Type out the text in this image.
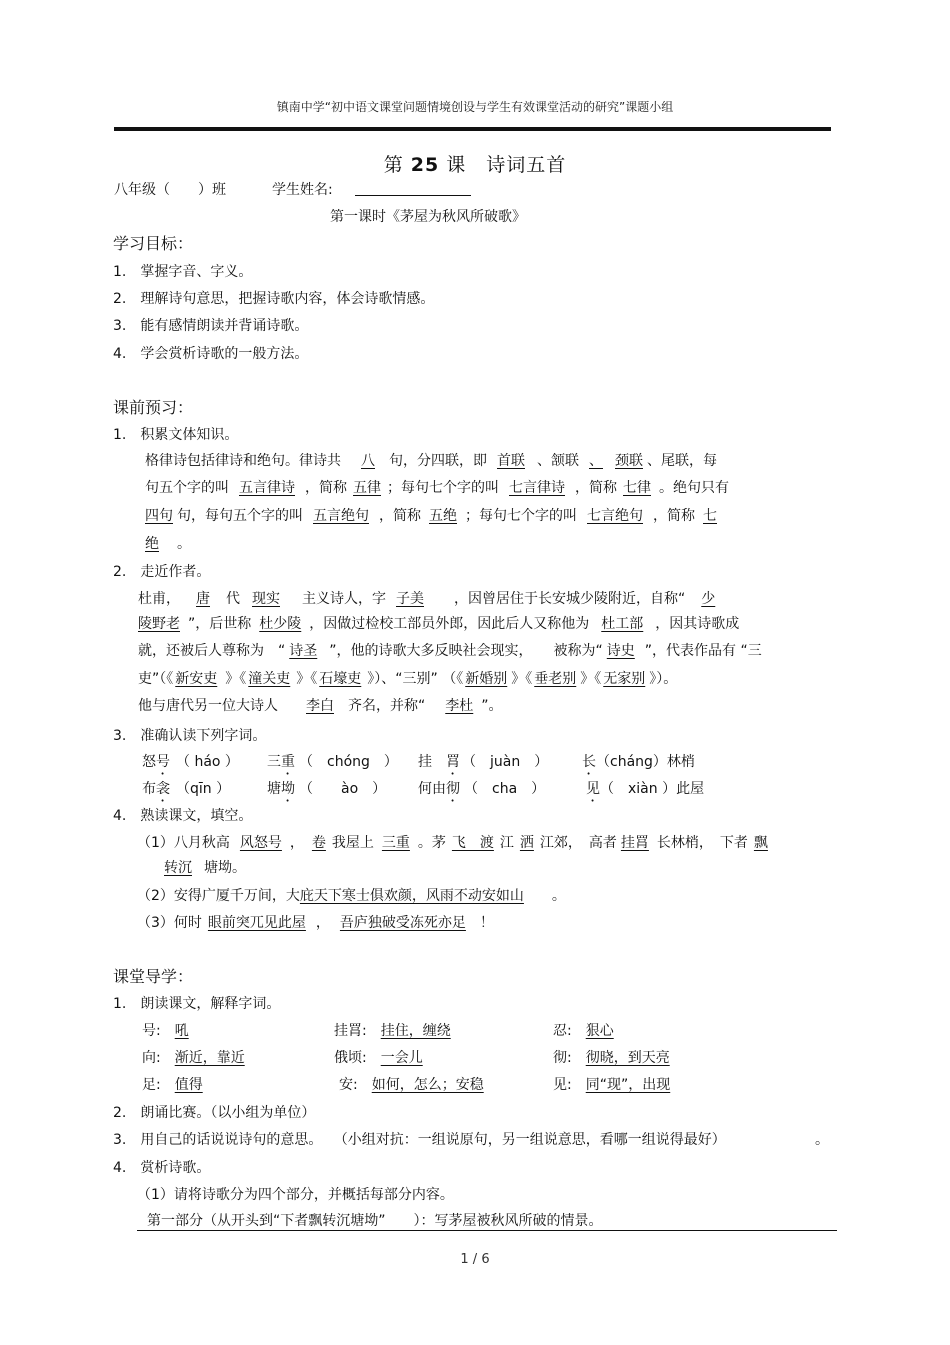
镇南中学“初中语文课堂问题情境创设与学生有效课堂活动的研究”课题小组
第 25 课　诗词五首
八年级（　　）班	学生姓名:
第一课时《茅屋为秋风所破歌》
学习目标：
1.　掌握字音、字义。
2.　理解诗句意思，把握诗歌内容，体会诗歌情感。
3.　能有感情朗读并背诵诗歌。
4.　学会赏析诗歌的一般方法。
课前预习：
1.　积累文体知识。
格律诗包括律诗和绝句。律诗共 八 句，分四联，即 首联 、颔联 、 颈联 、尾联，每
句五个字的叫 五言律诗 ，简称 五律 ；每句七个字的叫 七言律诗 ，简称 七律 。绝句只有
四句 句，每句五个字的叫 五言绝句 ，简称 五绝 ；每句七个字的叫 七言绝句 ，简称 七
绝 。
2.　走近作者。
杜甫， 唐 代 现实 主义诗人，字 子美 ，因曾居住于长安城少陵附近，自称“ 少
陵野老 ”，后世称 杜少陵 ，因做过检校工部员外郎，因此后人又称他为 杜工部 ，因其诗歌成
就，还被后人尊称为　“ 诗圣 ”，他的诗歌大多反映社会现实，　　被称为“ 诗史 ”，代表作品有 “三
吏”（《 新安吏 》《 潼关吏 》《 石壕吏 》）、“三别” （《 新婚别 》《 垂老别 》《 无家别 》）。
他与唐代另一位大诗人 李白 齐名，并称“ 李杜 ”。
3.　准确认读下列字词。
怒号 （ háo ） 三重 （　chóng　） 挂　罥 （　juàn　） 长（cháng）林梢
布衾 （qīn ）	塘坳 （　　ào　） 何由彻 （　cha　）	见（　xiàn ）此屋
4.　熟读课文，填空。
（1）八月秋高 风怒号 ， 卷 我屋上 三重 。茅 飞　渡 江 洒 江郊，　高者 挂罥 长林梢，　下者 飘
转沉 塘坳。
（2）安得广厦千万间，大庇天下寒士俱欢颜，风雨不动安如山 。
（3）何时 眼前突兀见此屋 ， 吾庐独破受冻死亦足 ！
课堂导学：
1.　朗读课文，解释字词。
号: 吼	挂罥: 挂住，缠绕	忍: 狠心
向: 渐近，靠近	俄顷: 一会儿	彻: 彻晓，到天亮
足: 值得	安: 如何，怎么；安稳	见: 同“现”，出现
2.　朗诵比赛。（以小组为单位）
3.　用自己的话说说诗句的意思。　 （小组对抗：一组说原句，另一组说意思，看哪一组说得最好）	。
4.　赏析诗歌。
（1）请将诗歌分为四个部分，并概括每部分内容。
第一部分（从开头到“下者飘转沉塘坳”　　）：写茅屋被秋风所破的情景。
1 / 6
